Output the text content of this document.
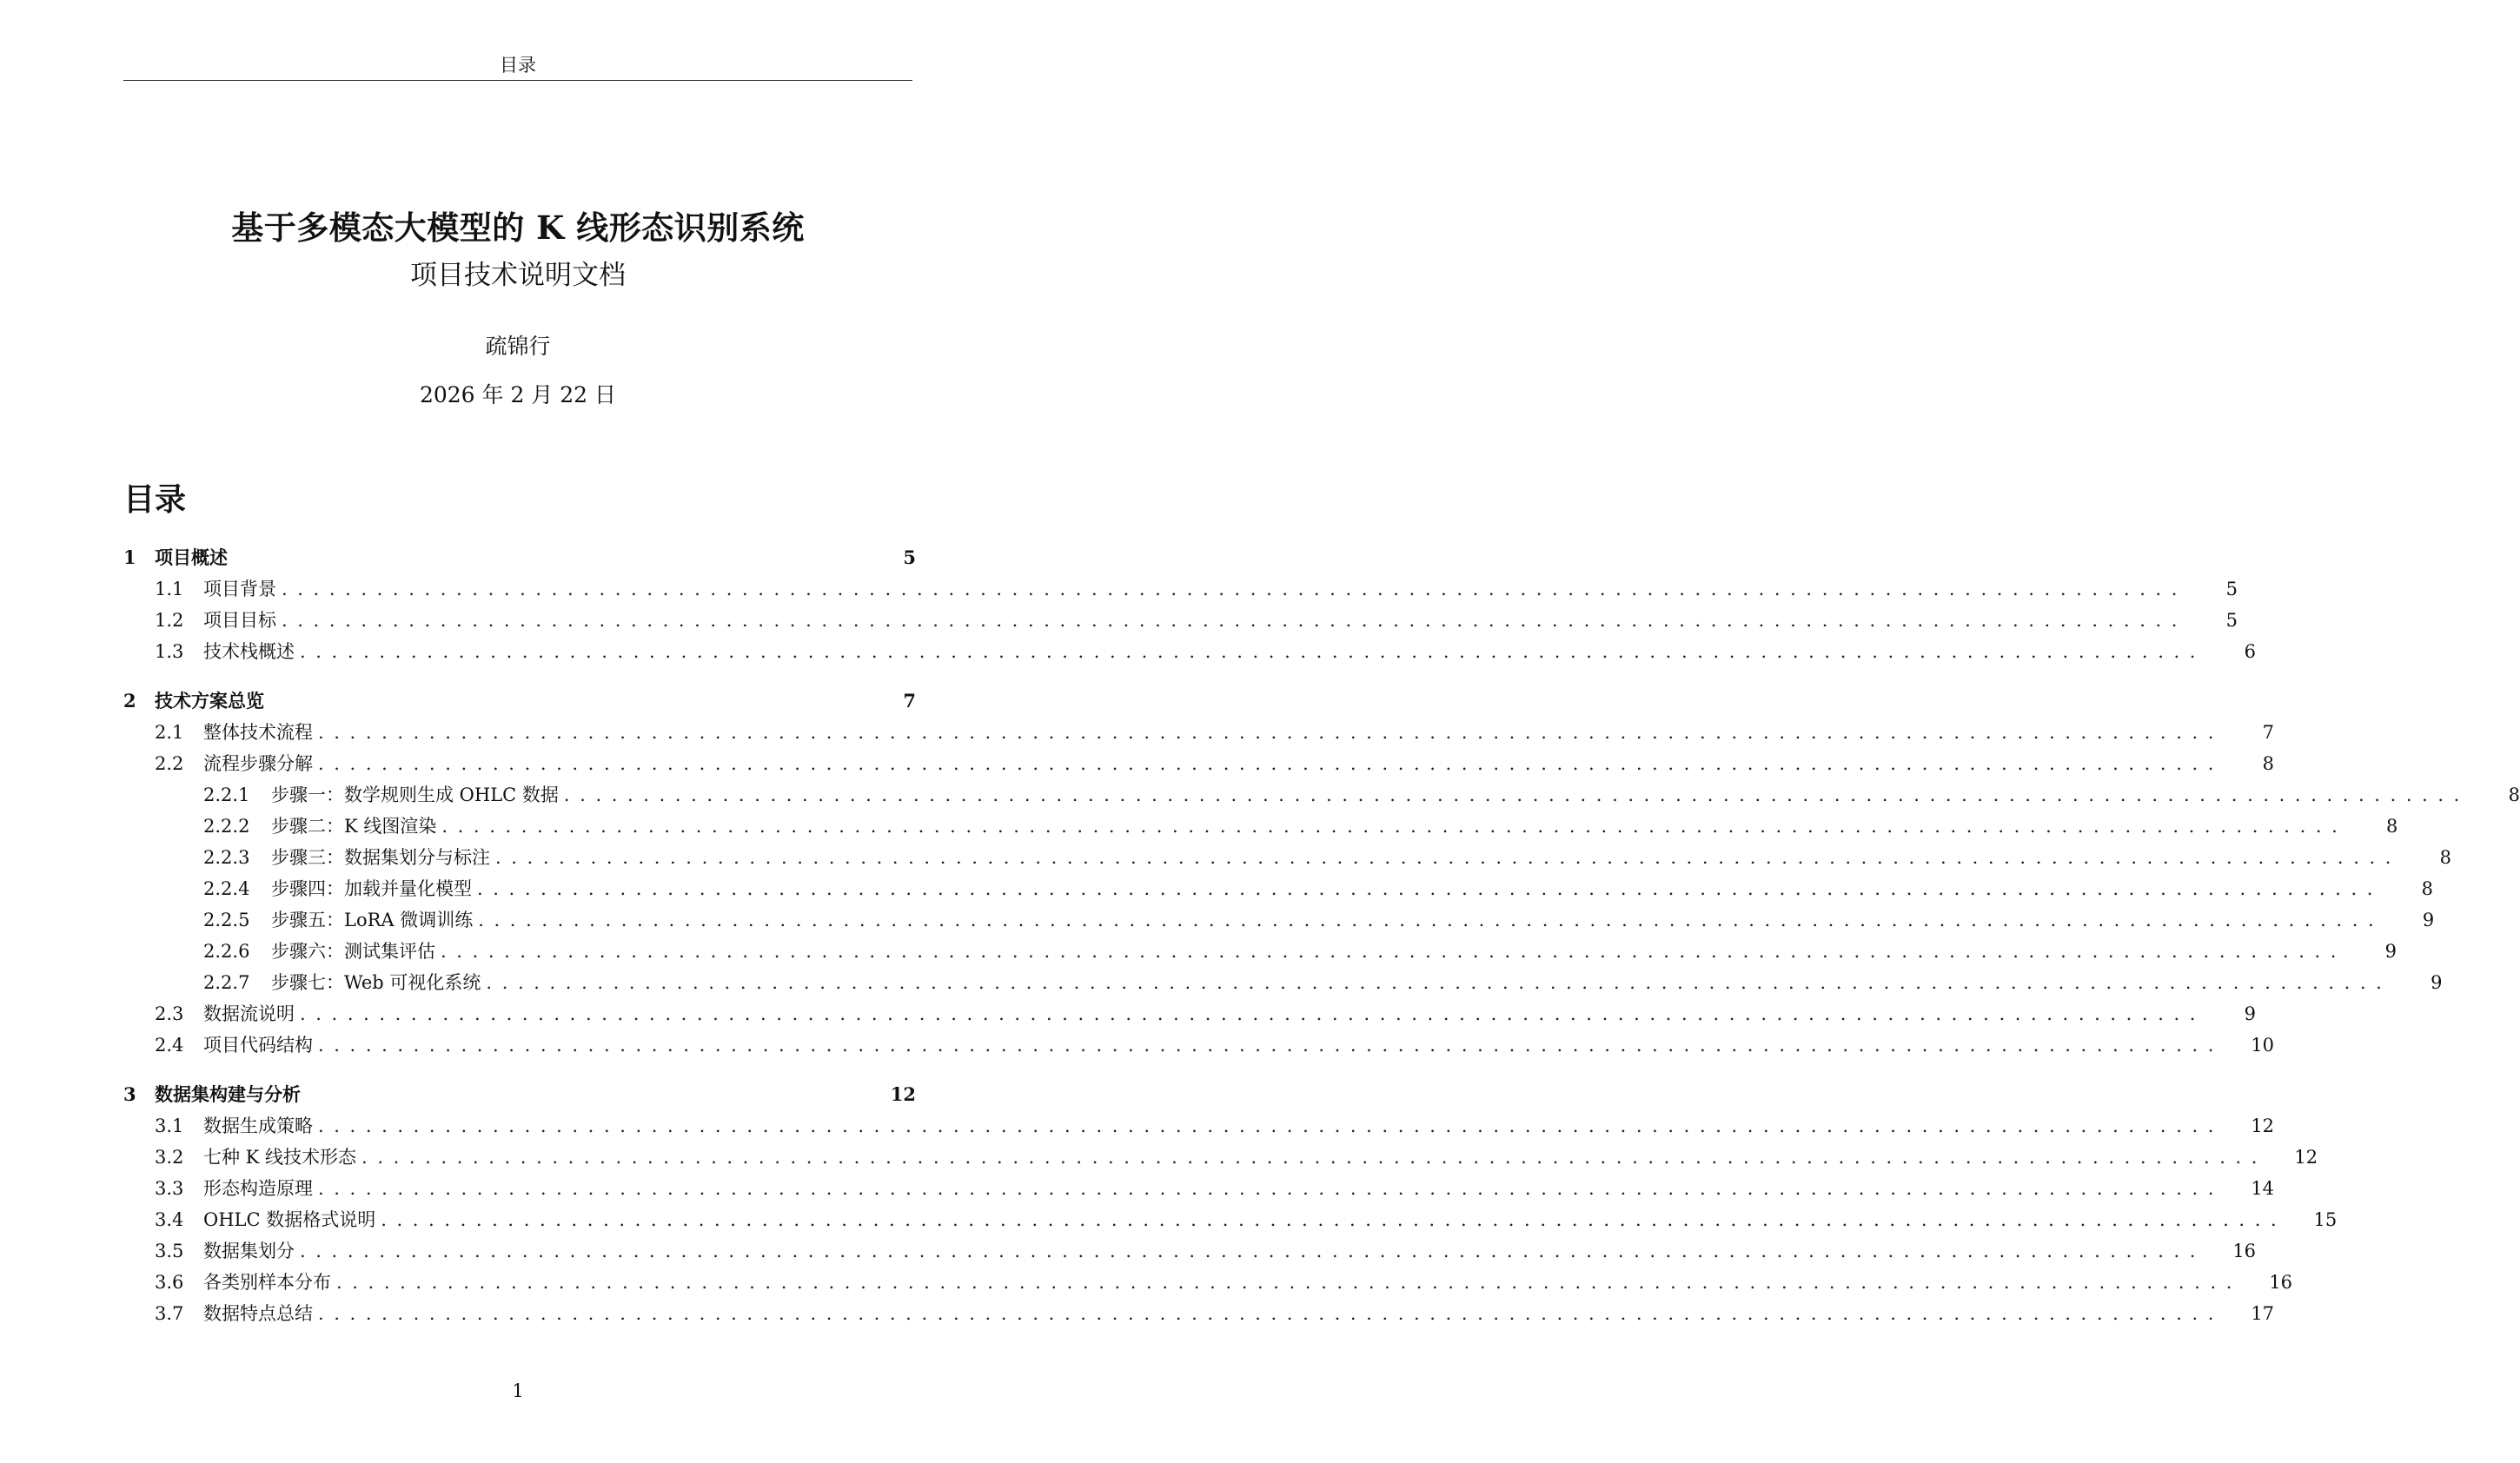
目录
基于多模态大模型的 K 线形态识别系统
项目技术说明文档
疏锦行
2026 年 2 月 22 日
目录
1	项目概述	5
1.1	项目背景 ........................................................................................................................	5
1.2	项目目标 ........................................................................................................................	5
1.3	技术栈概述 ........................................................................................................................	6
2	技术方案总览	7
2.1	整体技术流程 ........................................................................................................................	7
2.2	流程步骤分解 ........................................................................................................................	8
2.2.1	步骤一：数学规则生成 OHLC 数据 ........................................................................................................................	8
2.2.2	步骤二：K 线图渲染 ........................................................................................................................	8
2.2.3	步骤三：数据集划分与标注 ........................................................................................................................	8
2.2.4	步骤四：加载并量化模型 ........................................................................................................................	8
2.2.5	步骤五：LoRA 微调训练 ........................................................................................................................	9
2.2.6	步骤六：测试集评估 ........................................................................................................................	9
2.2.7	步骤七：Web 可视化系统 ........................................................................................................................	9
2.3	数据流说明 ........................................................................................................................	9
2.4	项目代码结构 ........................................................................................................................	10
3	数据集构建与分析	12
3.1	数据生成策略 ........................................................................................................................	12
3.2	七种 K 线技术形态 ........................................................................................................................	12
3.3	形态构造原理 ........................................................................................................................	14
3.4	OHLC 数据格式说明 ........................................................................................................................	15
3.5	数据集划分 ........................................................................................................................	16
3.6	各类别样本分布 ........................................................................................................................	16
3.7	数据特点总结 ........................................................................................................................	17
1
